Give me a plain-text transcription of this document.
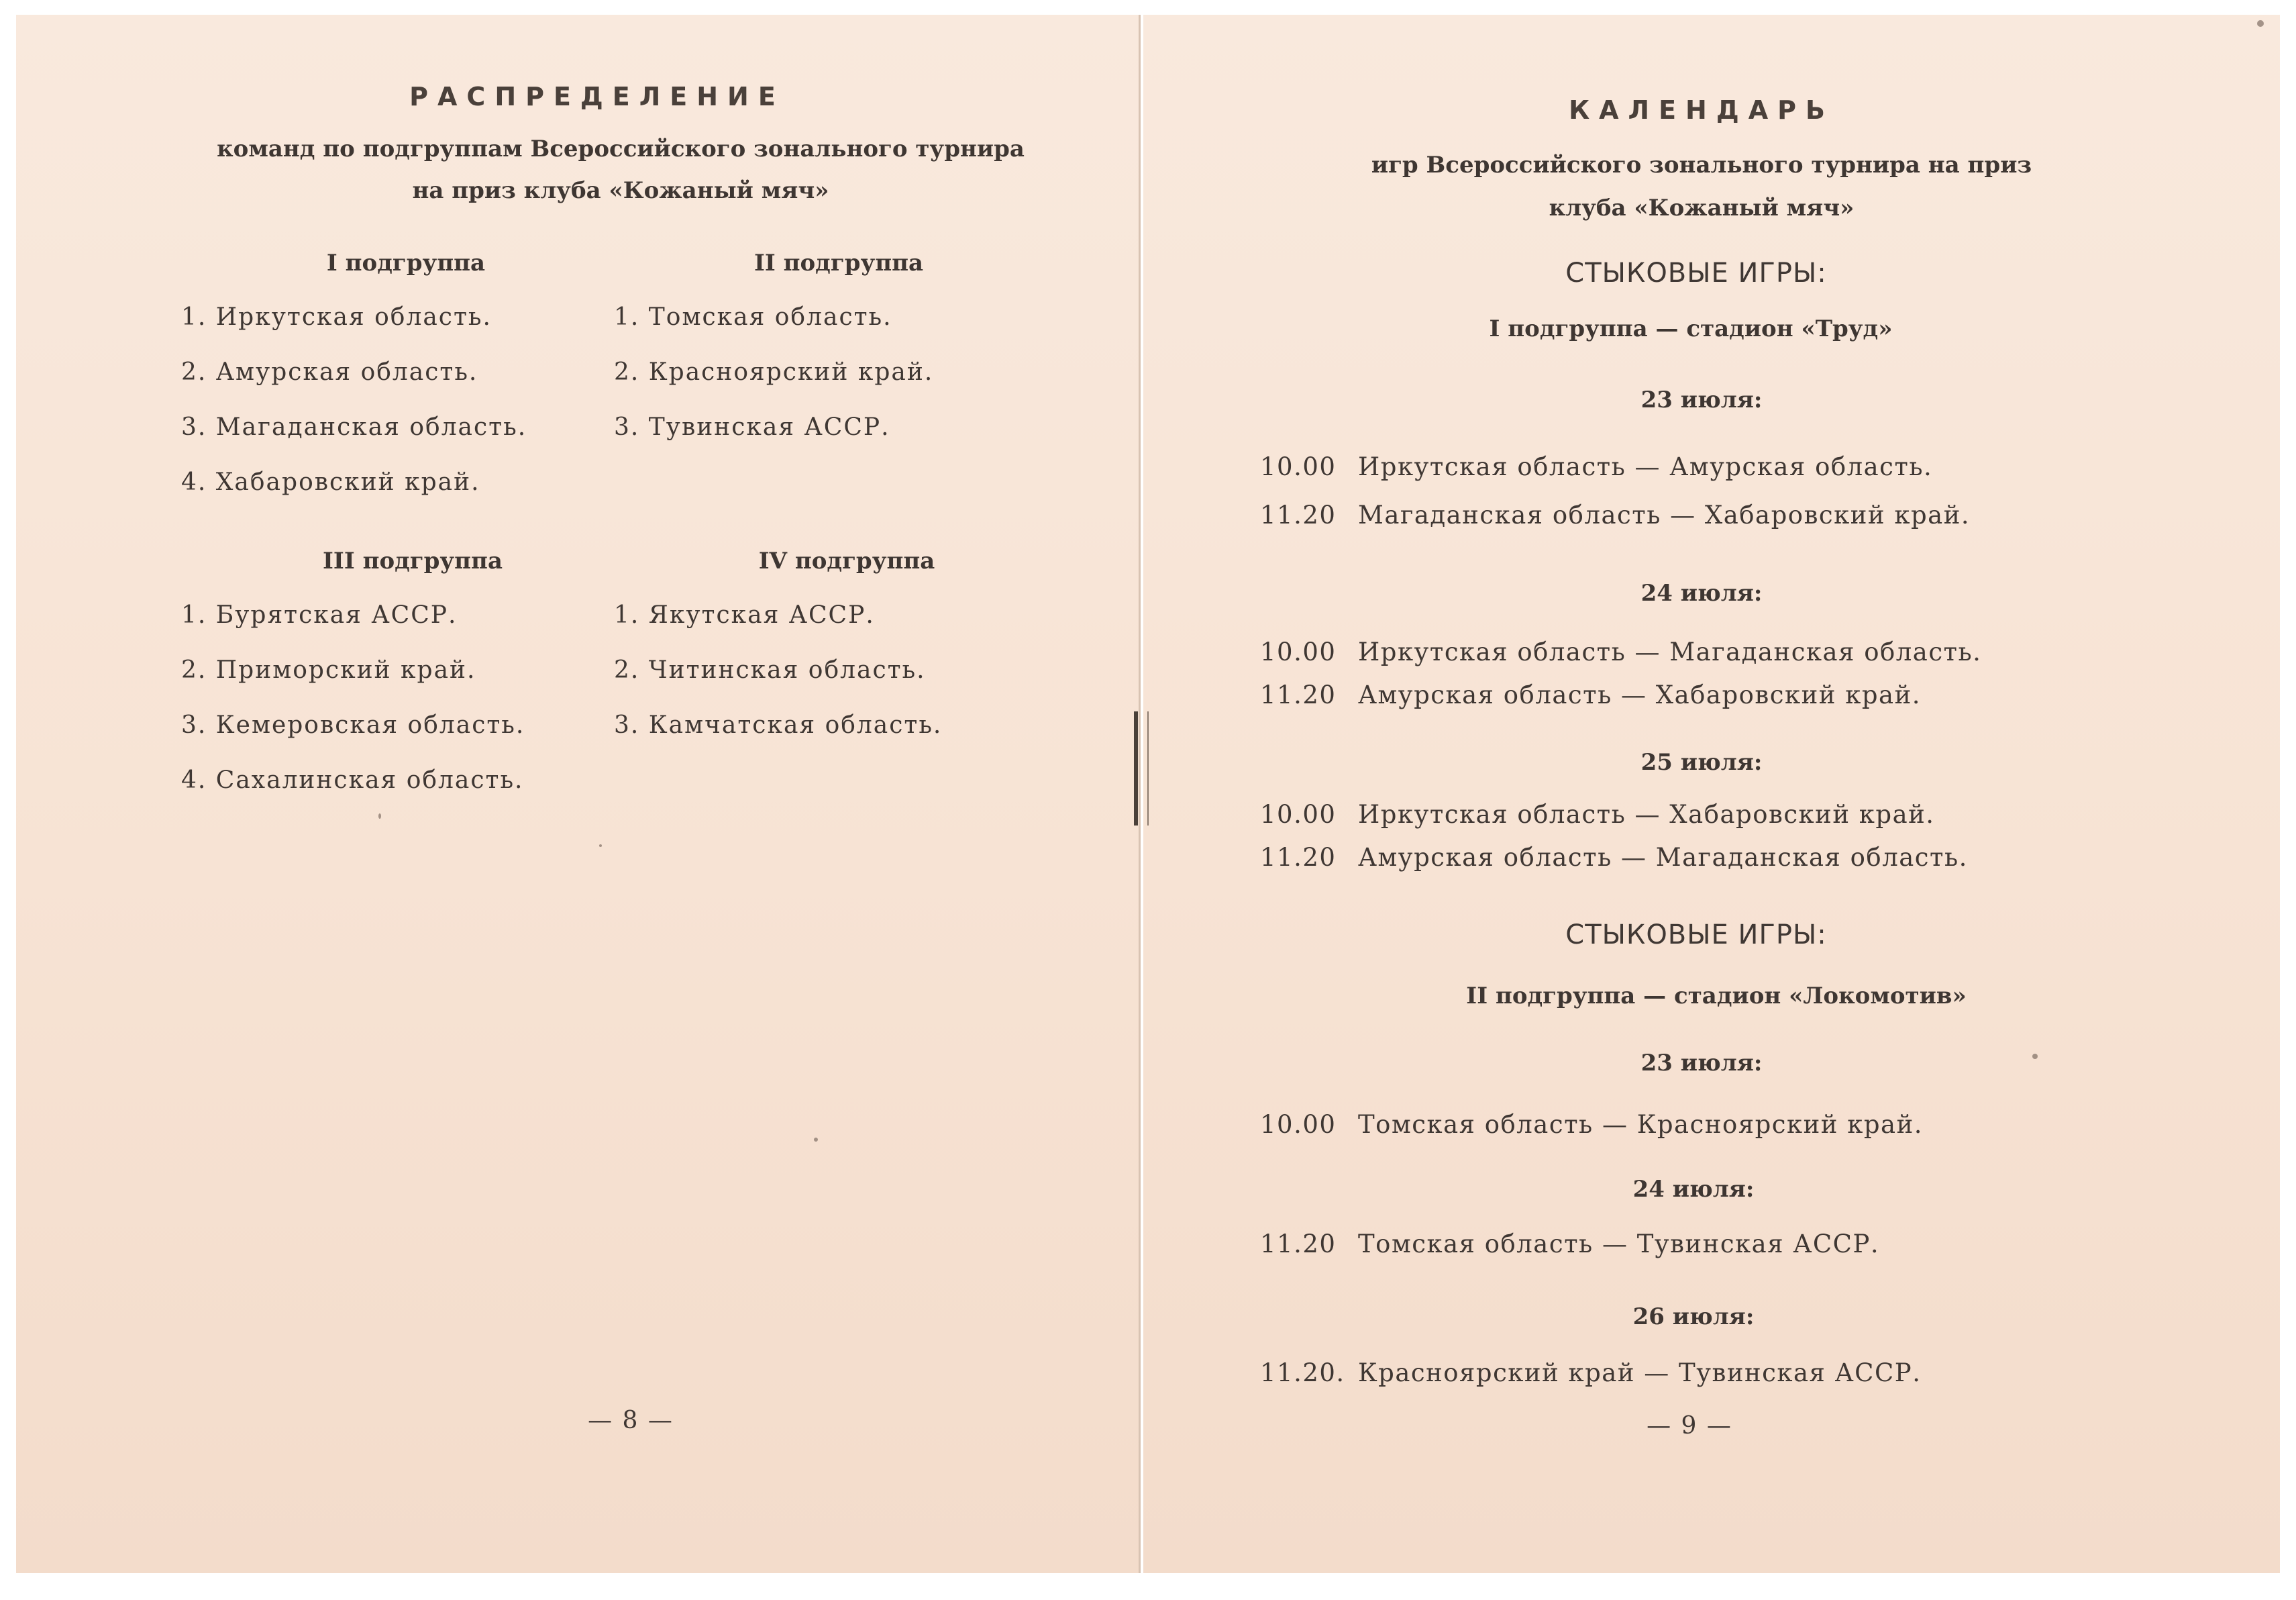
РАСПРЕДЕЛЕНИЕ
команд по подгруппам Всероссийского зонального турнира
на приз клуба «Кожаный мяч»
I подгруппа
1. Иркутская область.
2. Амурская область.
3. Магаданская область.
4. Хабаровский край.
II подгруппа
1. Томская область.
2. Красноярский край.
3. Тувинская АССР.
III подгруппа
1. Бурятская АССР.
2. Приморский край.
3. Кемеровская область.
4. Сахалинская область.
IV подгруппа
1. Якутская АССР.
2. Читинская область.
3. Камчатская область.
— 8 —
КАЛЕНДАРЬ
игр Всероссийского зонального турнира на приз
клуба «Кожаный мяч»
СТЫКОВЫЕ ИГРЫ:
I подгруппа — стадион «Труд»
23 июля:
10.00 Иркутская область — Амурская область.
11.20 Магаданская область — Хабаровский край.
24 июля:
10.00 Иркутская область — Магаданская область.
11.20 Амурская область — Хабаровский край.
25 июля:
10.00 Иркутская область — Хабаровский край.
11.20 Амурская область — Магаданская область.
СТЫКОВЫЕ ИГРЫ:
II подгруппа — стадион «Локомотив»
23 июля:
10.00 Томская область — Красноярский край.
24 июля:
11.20 Томская область — Тувинская АССР.
26 июля:
11.20. Красноярский край — Тувинская АССР.
— 9 —
